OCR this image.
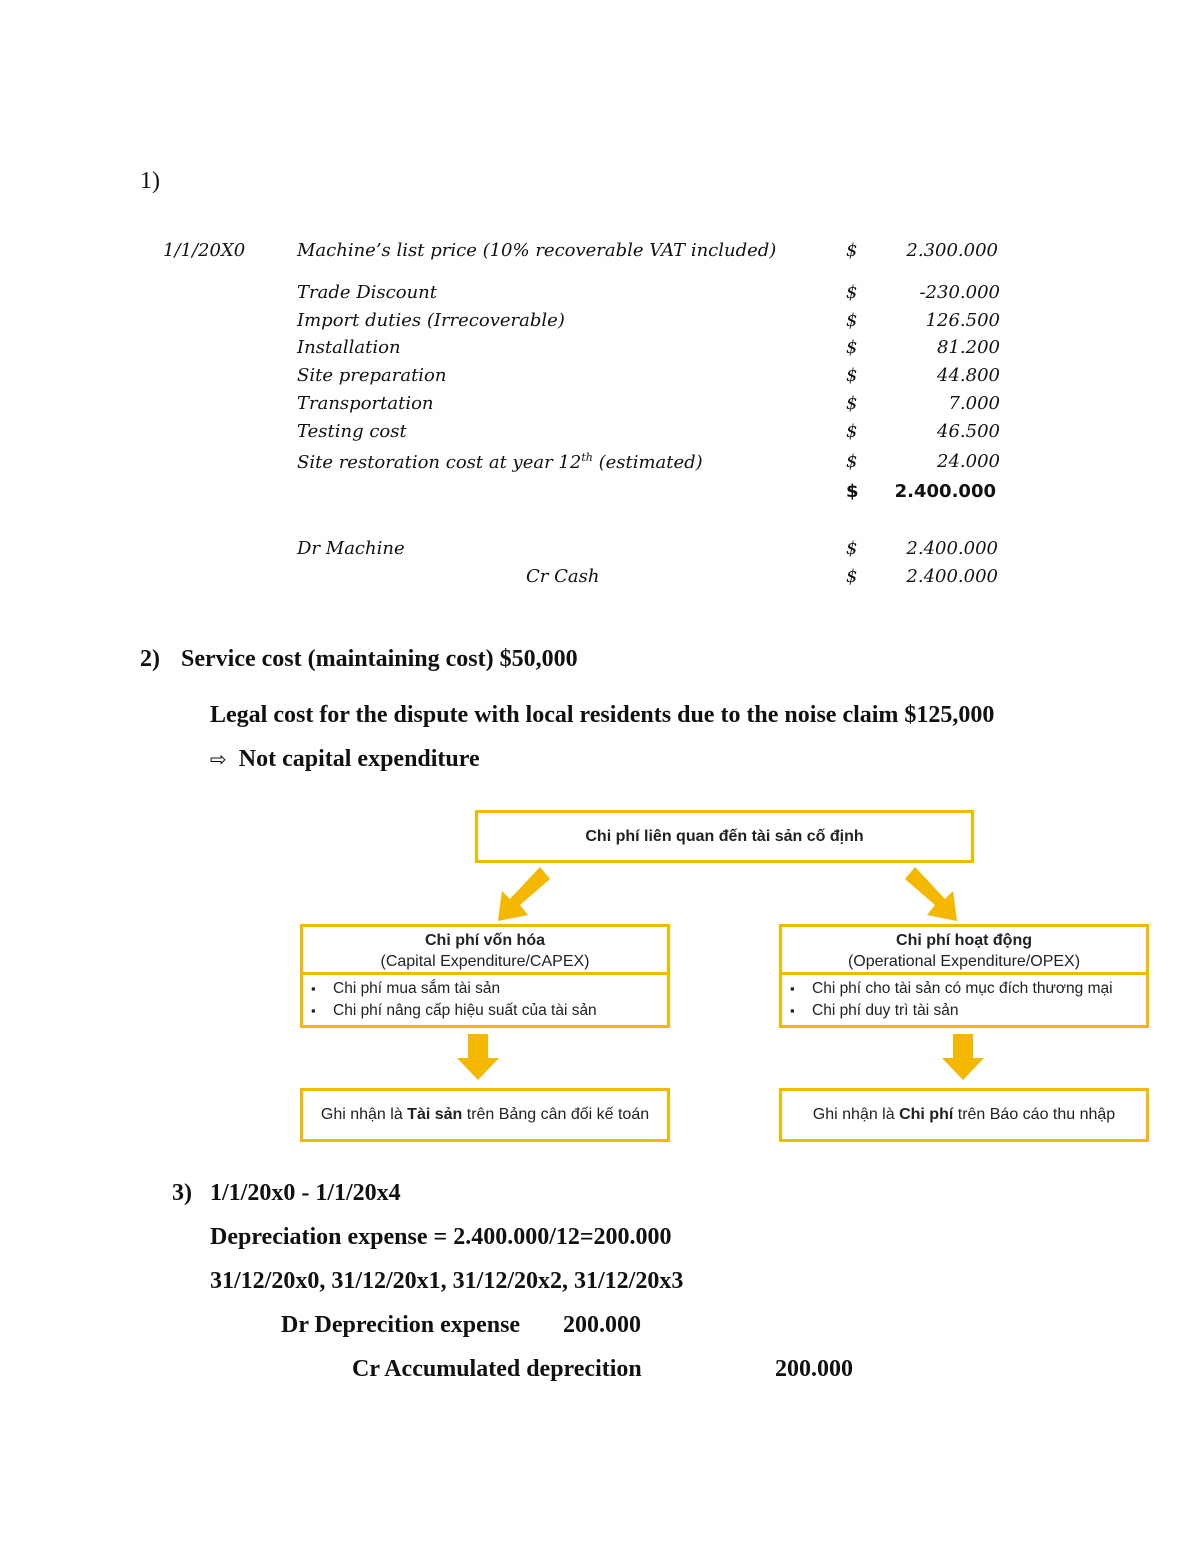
1)
1/1/20X0	Machine’s list price (10% recoverable VAT included)	$	2.300.000
Trade Discount	$	-230.000
Import duties (Irrecoverable)	$	126.500
Installation	$	81.200
Site preparation	$	44.800
Transportation	$	7.000
Testing cost	$	46.500
Site restoration cost at year 12th (estimated)	$	24.000
$	2.400.000
Dr Machine	$	2.400.000
Cr Cash	$	2.400.000
2) Service cost (maintaining cost) $50,000
Legal cost for the dispute with local residents due to the noise claim $125,000
⇨ Not capital expenditure
Chi phí liên quan đến tài sản cố định
Chi phí vốn hóa
(Capital Expenditure/CAPEX)
▪ Chi phí mua sắm tài sản
▪ Chi phí nâng cấp hiệu suất của tài sản
Chi phí hoạt động
(Operational Expenditure/OPEX)
▪ Chi phí cho tài sản có mục đích thương mại
▪ Chi phí duy trì tài sản
Ghi nhận là Tài sản trên Bảng cân đối kế toán	Ghi nhận là Chi phí trên Báo cáo thu nhập
3) 1/1/20x0 - 1/1/20x4
Depreciation expense = 2.400.000/12=200.000
31/12/20x0, 31/12/20x1, 31/12/20x2, 31/12/20x3
Dr Deprecition expense 200.000
Cr Accumulated deprecition	200.000
